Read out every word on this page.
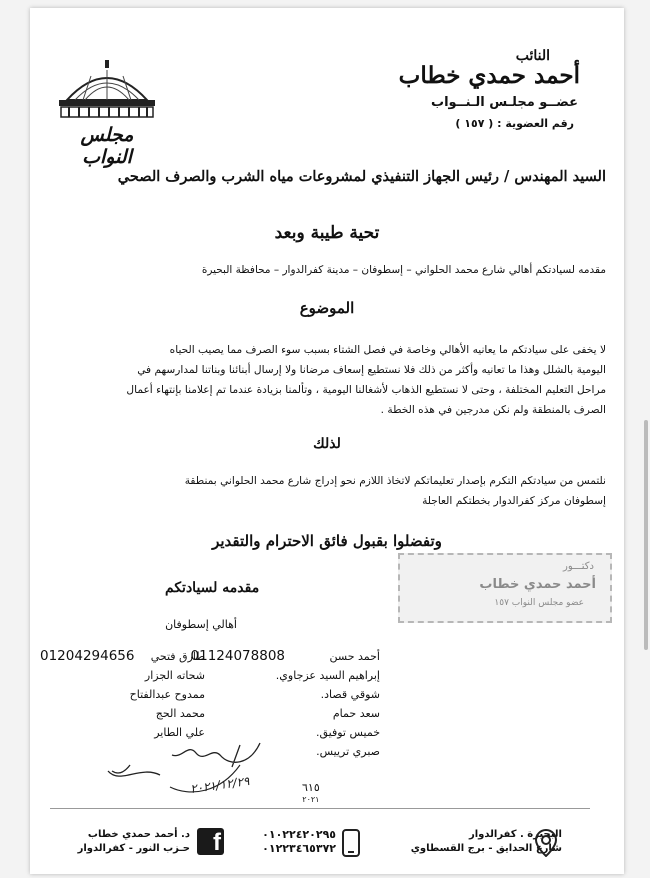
النائب
أحمد حمدي خطاب
عضــو مجلـس الـنــواب
رقم العضوية : ( ١٥٧ )
مجلس النواب
السيد المهندس / رئيس الجهاز التنفيذي لمشروعات مياه الشرب والصرف الصحي
تحية طيبة وبعد
مقدمه لسيادتكم أهالي شارع محمد الحلواني – إسطوفان – مدينة كفرالدوار – محافظة البحيرة
الموضوع
لا يخفى على سيادتكم ما يعانيه الأهالي وخاصة في فصل الشتاء بسبب سوء الصرف مما يصيب الحياه
اليومية بالشلل وهذا ما تعانيه وأكثر من ذلك فلا نستطيع إسعاف مرضانا ولا إرسال أبنائنا وبناتنا لمدارسهم في
مراحل التعليم المختلفة ، وحتى لا نستطيع الذهاب لأشغالنا اليومية ، وتألمنا بزيادة عندما تم إعلامنا بإنتهاء أعمال
الصرف بالمنطقة ولم نكن مدرجين في هذه الخطة .
لذلك
نلتمس من سيادتكم التكرم بإصدار تعليماتكم لاتخاذ اللازم نحو إدراج شارع محمد الحلواني بمنطقة
إسطوفان مركز كفرالدوار بخطتكم العاجلة
وتفضلوا بقبول فائق الاحترام والتقدير
دكتـــور
أحمد حمدي خطاب
عضو مجلس النواب ١٥٧
مقدمه لسيادتكم
أهالي إسطوفان
أحمد حسن
01124078808
إبراهيم السيد عزجاوي.
شوقي قصاد.
سعد حمام
خميس توفيق.
صبري ترييس.
طارق فتحي
01204294656
شحاته الجزار
ممدوح عبدالفتاح
محمد الحج
علي الطاير
٢٠٢١/١٢/٢٩	٦١٥
٢٠٢١
البحيرة . كفرالدوار
شارع الحدايق - برج القسطاوي
٠١٠٢٢٤٢٠٢٩٥
٠١٢٢٣٤٦٥٣٧٢
f
د. أحمد حمدي خطاب
حـزب النور - كفرالدوار
